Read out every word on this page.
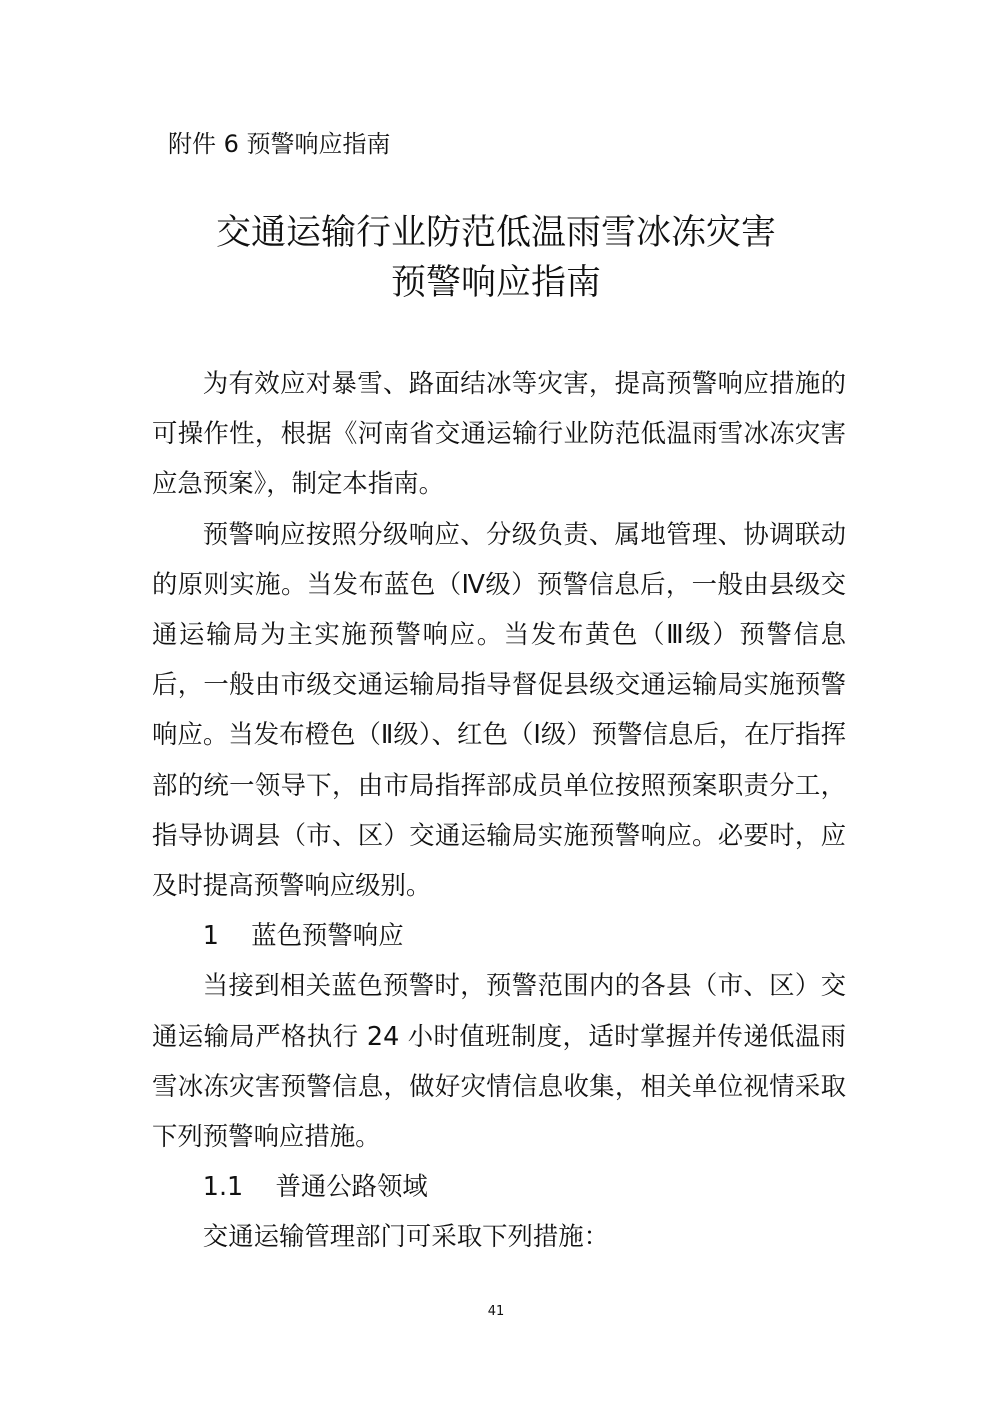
附件 6 预警响应指南
交通运输行业防范低温雨雪冰冻灾害
预警响应指南

为有效应对暴雪、路面结冰等灾害，提高预警响应措施的可操作性，根据《河南省交通运输行业防范低温雨雪冰冻灾害应急预案》，制定本指南。

预警响应按照分级响应、分级负责、属地管理、协调联动的原则实施。当发布蓝色（Ⅳ级）预警信息后，一般由县级交通运输局为主实施预警响应。当发布黄色（Ⅲ级）预警信息后，一般由市级交通运输局指导督促县级交通运输局实施预警响应。当发布橙色（Ⅱ级）、红色（Ⅰ级）预警信息后，在厅指挥部的统一领导下，由市局指挥部成员单位按照预案职责分工，指导协调县（市、区）交通运输局实施预警响应。必要时，应及时提高预警响应级别。

1    蓝色预警响应

当接到相关蓝色预警时，预警范围内的各县（市、区）交通运输局严格执行 24 小时值班制度，适时掌握并传递低温雨雪冰冻灾害预警信息，做好灾情信息收集，相关单位视情采取下列预警响应措施。

1.1    普通公路领域

交通运输管理部门可采取下列措施：

41
